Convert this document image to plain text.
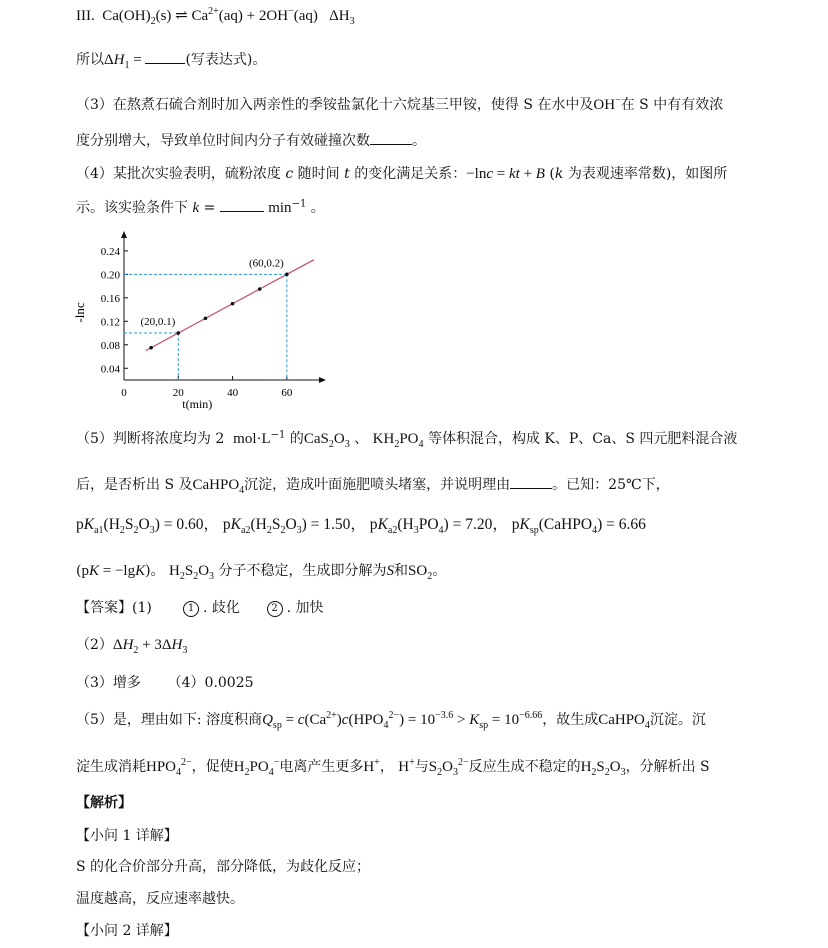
III.  $Ca(OH)_2(s)$ ⇌ $Ca^{2+}(aq) + 2OH^-(aq)$   $\Delta H_3$
所以$\Delta H_1$ =	(写表达式)。
（3）在熬煮石硫合剂时加入两亲性的季铵盐氯化十六烷基三甲铵，使得 S 在水中及OH−在 S 中有有效浓
度分别增大，导致单位时间内分子有效碰撞次数	。
（4）某批次实验表明，硫粉浓度 c 随时间 t 的变化满足关系：−lnc = kt + B (k 为表观速率常数)，如图所
示。该实验条件下 k =	$\min^{-1}$ 。
0.04
0.08
0.12
0.16
0.20
0.24
0	20	40	60
t(min)
-lnc	(20,0.1)
(60,0.2)
（5）判断将浓度均为 2 $mol\cdot L^{-1}$ 的$CaS_2O_3$ 、 $KH_2PO_4$ 等体积混合，构成 K、P、Ca、S 四元肥料混合液
后，是否析出 S 及CaHPO$_4$沉淀，造成叶面施肥喷头堵塞，并说明理由	。已知：25℃下，
$pK_{a1}(H_2S_2O_3) = 0.60$， $pK_{a2}(H_2S_2O_3) = 1.50$， $pK_{a2}(H_3PO_4) = 7.20$， $pK_{sp}(CaHPO_4) = 6.66$
(pK = −lgK)。 $H_2S_2O_3$ 分子不稳定，生成即分解为S和$SO_2$。
【答案】(1)	1 . 歧化	2 . 加快
$(2)\Delta H_2 + 3\Delta H_3$
（3）增多 （4）0.0025
（5）是，理由如下: 溶度积商$Q_{sp} = c(Ca^{2+})c(HPO_4^{2-}) = 10^{-3.6} > K_{sp} = 10^{-6.66}$，故生成CaHPO$_4$沉淀。沉
淀生成消耗$HPO_4^{2-}$，促使$H_2PO_4^-$电离产生更多H+， H+与$S_2O_3^{2-}$反应生成不稳定的$H_2S_2O_3$，分解析出 S
【解析】
【小问 1 详解】
S 的化合价部分升高，部分降低，为歧化反应；
温度越高，反应速率越快。
【小问 2 详解】
